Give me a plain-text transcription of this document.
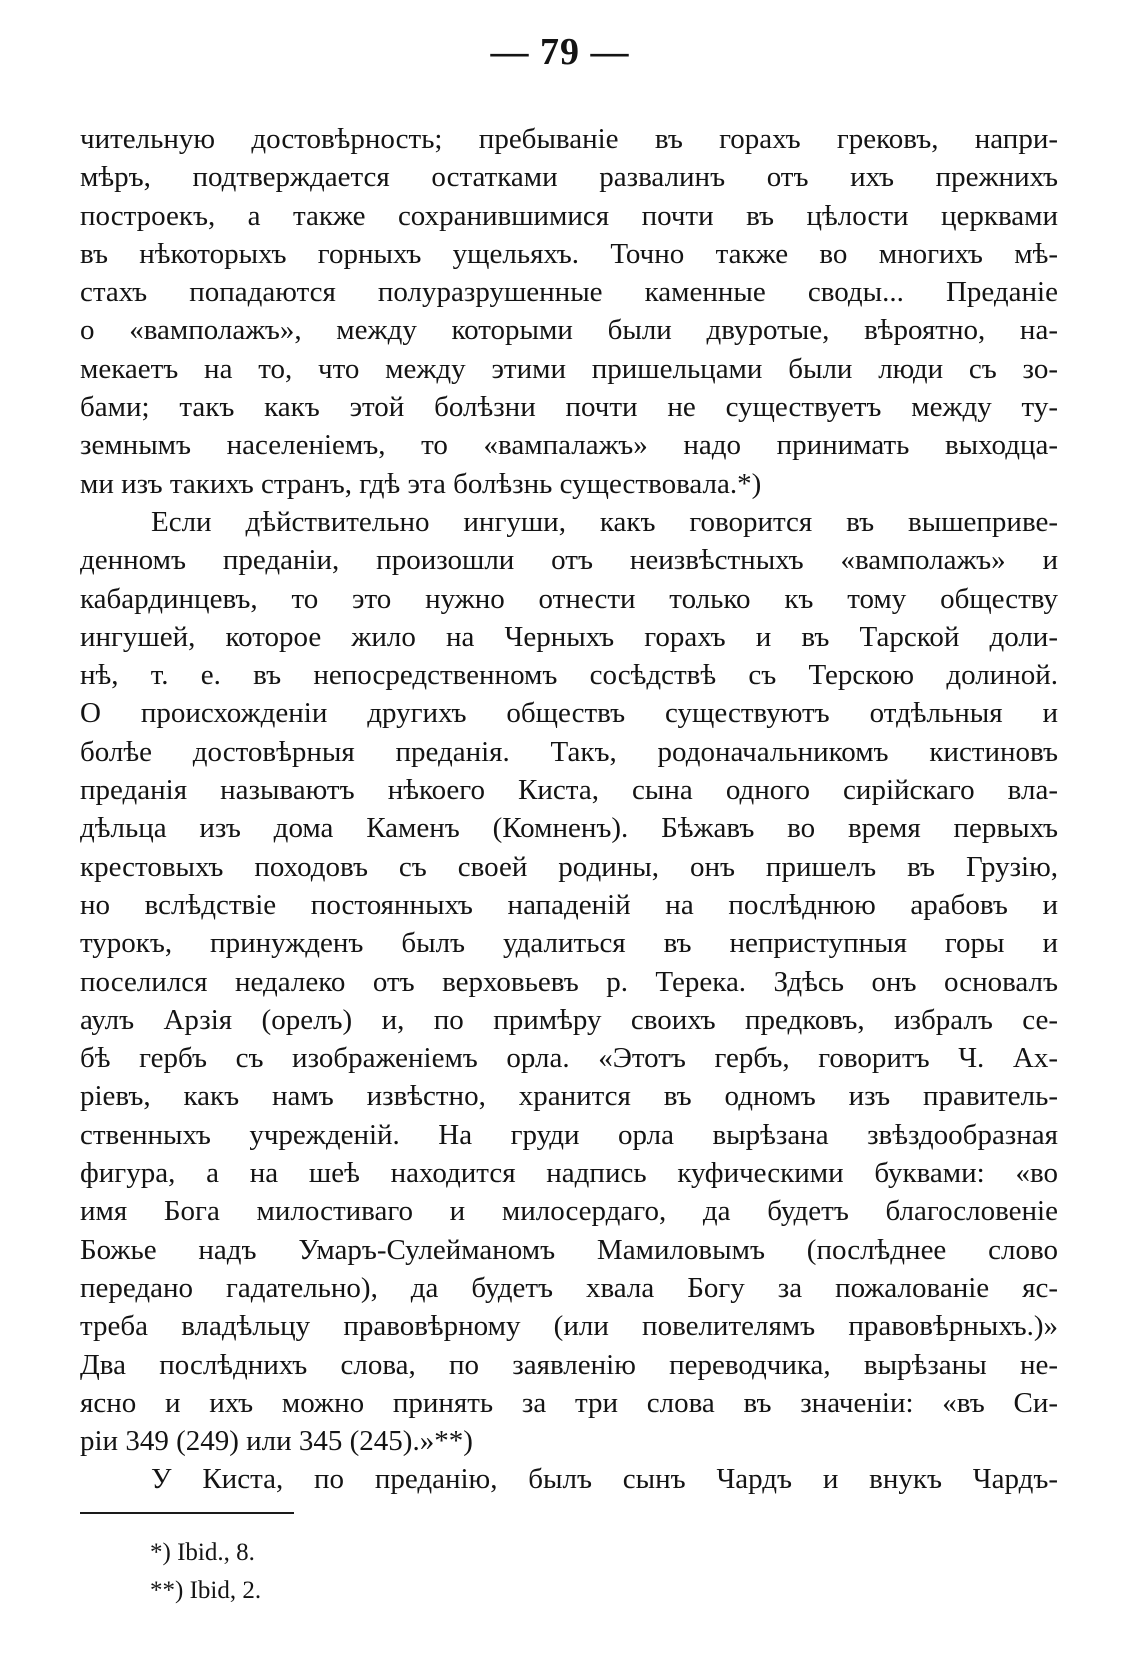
— 79 —
чительную достовѣрность; пребываніе въ горахъ грековъ, напри-
мѣръ, подтверждается остатками развалинъ отъ ихъ прежнихъ
построекъ, а также сохранившимися почти въ цѣлости церквами
въ нѣкоторыхъ горныхъ ущельяхъ. Точно также во многихъ мѣ-
стахъ попадаются полуразрушенные каменные своды... Преданіе
о «вамполажъ», между которыми были двуротые, вѣроятно, на-
мекаетъ на то, что между этими пришельцами были люди съ зо-
бами; такъ какъ этой болѣзни почти не существуетъ между ту-
земнымъ населеніемъ, то «вампалажъ» надо принимать выходца-
ми изъ такихъ странъ, гдѣ эта болѣзнь существовала.*)
Если дѣйствительно ингуши, какъ говорится въ вышеприве-
денномъ преданіи, произошли отъ неизвѣстныхъ «вамполажъ» и
кабардинцевъ, то это нужно отнести только къ тому обществу
ингушей, которое жило на Черныхъ горахъ и въ Тарской доли-
нѣ, т. е. въ непосредственномъ сосѣдствѣ съ Терскою долиной.
О происхожденіи другихъ обществъ существуютъ отдѣльныя и
болѣе достовѣрныя преданія. Такъ, родоначальникомъ кистиновъ
преданія называютъ нѣкоего Киста, сына одного сирійскаго вла-
дѣльца изъ дома Каменъ (Комненъ). Бѣжавъ во время первыхъ
крестовыхъ походовъ съ своей родины, онъ пришелъ въ Грузію,
но вслѣдствіе постоянныхъ нападеній на послѣднюю арабовъ и
турокъ, принужденъ былъ удалиться въ неприступныя горы и
поселился недалеко отъ верховьевъ р. Терека. Здѣсь онъ основалъ
аулъ Арзія (орелъ) и, по примѣру своихъ предковъ, избралъ се-
бѣ гербъ съ изображеніемъ орла. «Этотъ гербъ, говоритъ Ч. Ах-
ріевъ, какъ намъ извѣстно, хранится въ одномъ изъ правитель-
ственныхъ учрежденій. На груди орла вырѣзана звѣздообразная
фигура, а на шеѣ находится надпись куфическими буквами: «во
имя Бога милостиваго и милосердаго, да будетъ благословеніе
Божье надъ Умаръ-Сулейманомъ Мамиловымъ (послѣднее слово
передано гадательно), да будетъ хвала Богу за пожалованіе яс-
треба владѣльцу правовѣрному (или повелителямъ правовѣрныхъ.)»
Два послѣднихъ слова, по заявленію переводчика, вырѣзаны не-
ясно и ихъ можно принять за три слова въ значеніи: «въ Си-
ріи 349 (249) или 345 (245).»**)
У Киста, по преданію, былъ сынъ Чардъ и внукъ Чардъ-
*) Ibid., 8.
**) Ibid, 2.
